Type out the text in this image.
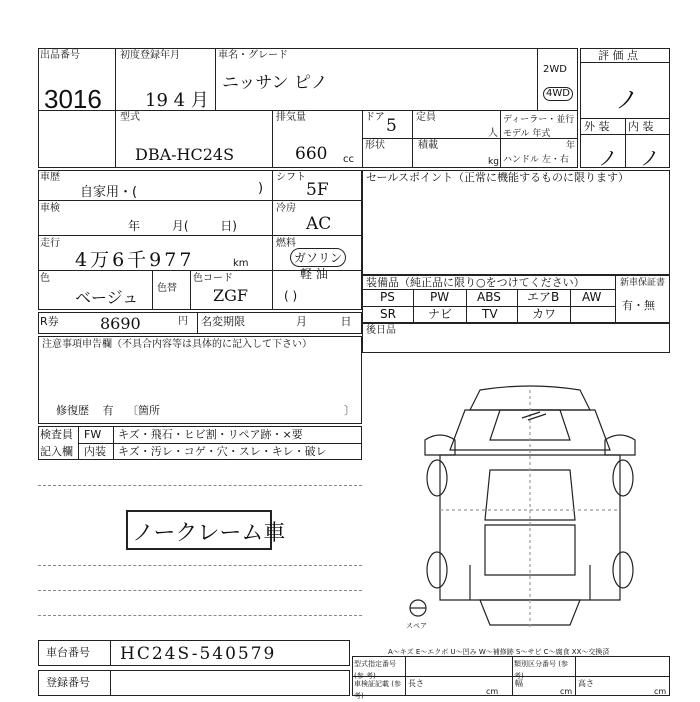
出品番号
3016
初度登録年月
19 4 月
車名・グレード
ニッサン ピノ
2WD
4WD
評 価 点
ノ
型式
DBA-HC24S
排気量
660 cc
ドア 5 定員
人
ディーラー・並行
モデル 年式
年
形状	積載
kg ハンドル 左・右
外 装 内 装
ノ ノ
車歴
自家用・(	)
シフト
5F
車検
年 月( 日)
冷房
AC
走行
4万6千977	km
燃料
ガソリン
軽 油
( )
色
ベージュ 色替
色コード
ZGF
セールスポイント（正常に機能するものに限ります）
装備品（純正品に限り○をつけてください）	新車保証書
有・無
PS	PW ABS エアB AW
SR	ナビ TV	カワ
R券	8690	円 名変期限	月 日
後日品
注意事項申告欄（不具合内容等は具体的に記入して下さい）
修復歴 有 〔箇所	〕
検査員
記入欄
FW キズ・飛石・ヒビ割・リペア跡・×要
内装 キズ・汚レ・コゲ・穴・スレ・キレ・破レ
ノークレーム車
スペア
A～キズ E～エクボ U～凹み W～補修跡 S～サビ C～腐食 XX～交換済
車台番号 HC24S-540579
登録番号
型式指定番号 (参 考)
類別区分番号 (参 考)
車検証記載 (参 考)
長さ
cm
幅
cm
高さ
cm
